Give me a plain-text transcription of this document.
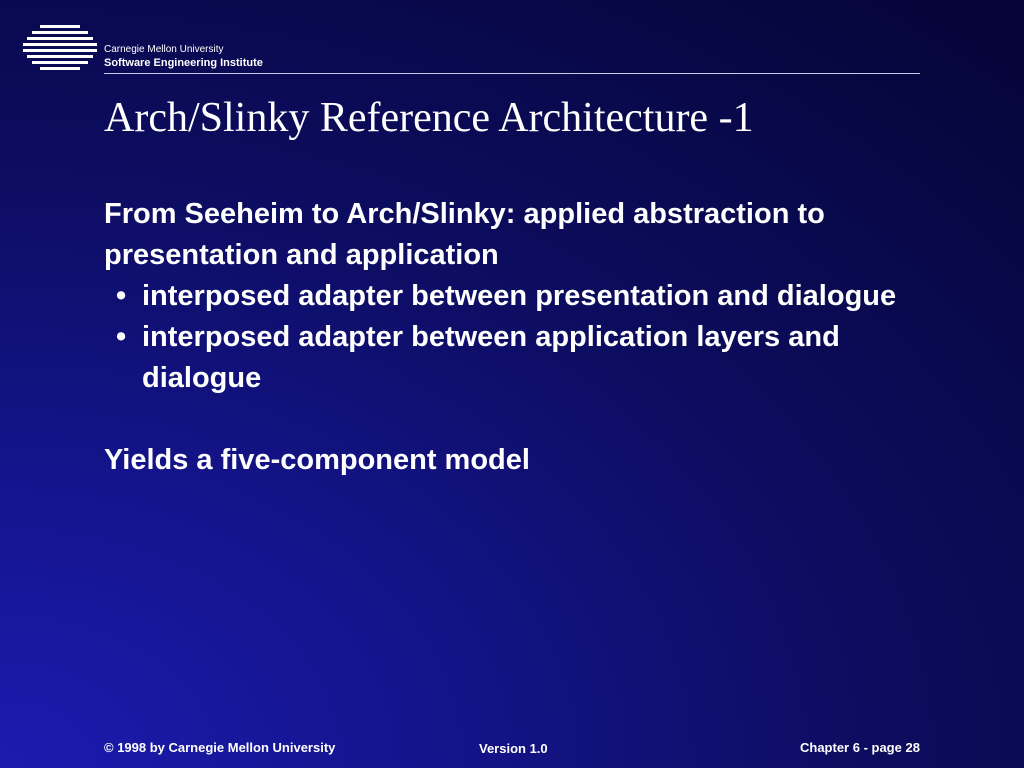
Carnegie Mellon University
Software Engineering Institute
Arch/Slinky Reference Architecture -1

From Seeheim to Arch/Slinky: applied abstraction to presentation and application

• interposed adapter between presentation and dialogue
• interposed adapter between application layers and dialogue

Yields a five-component model

© 1998 by Carnegie Mellon University	Version 1.0	Chapter 6 - page 28
